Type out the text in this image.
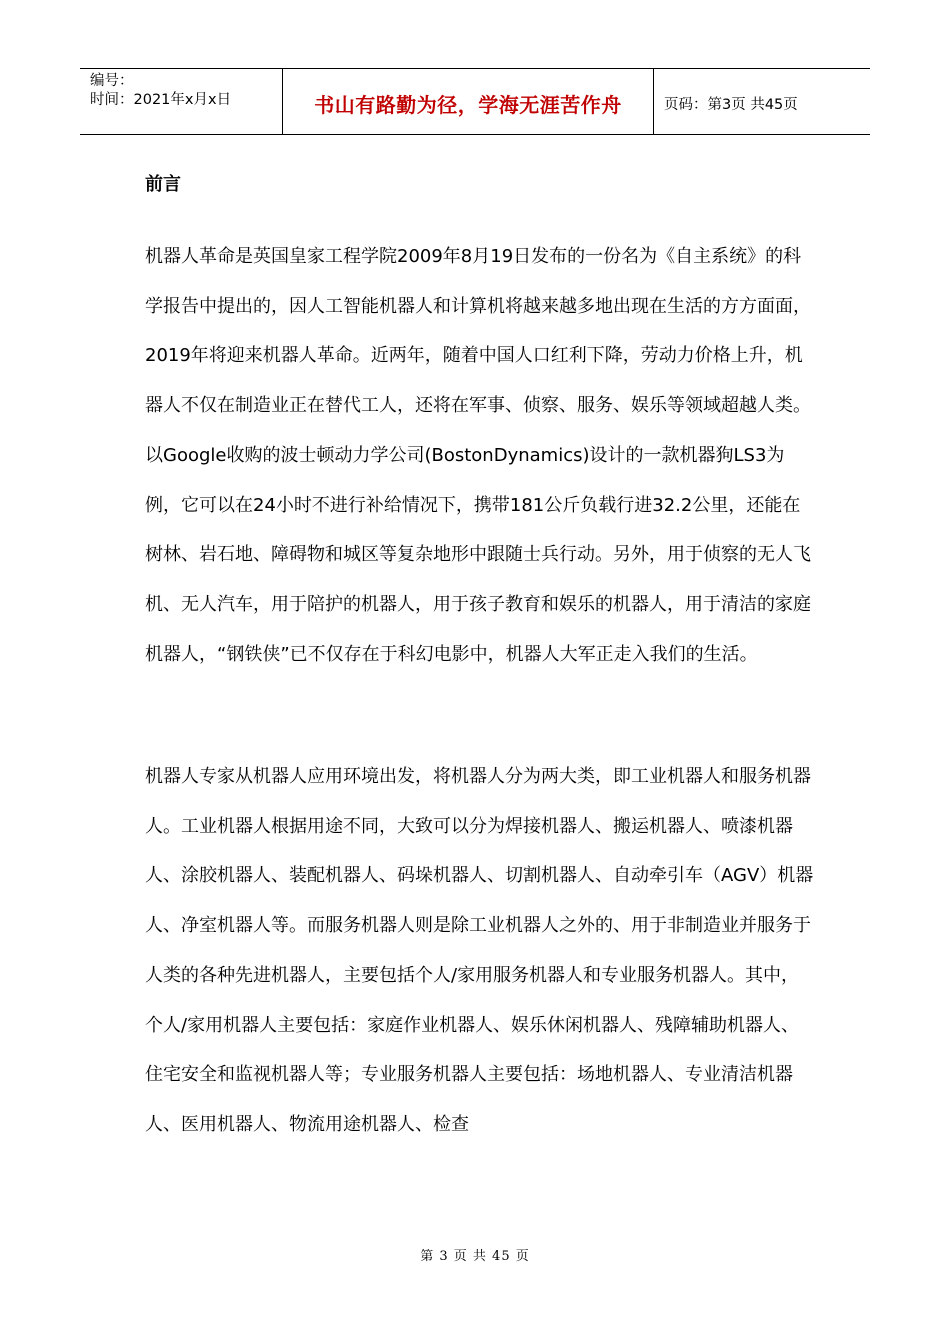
编号：
时间：2021年x月x日	书山有路勤为径，学海无涯苦作舟	页码：第3页 共45页
前言

机器人革命是英国皇家工程学院2009年8月19日发布的一份名为《自主系统》的科学报告中提出的，因人工智能机器人和计算机将越来越多地出现在生活的方方面面，2019年将迎来机器人革命。近两年，随着中国人口红利下降，劳动力价格上升，机器人不仅在制造业正在替代工人，还将在军事、侦察、服务、娱乐等领域超越人类。以Google收购的波士顿动力学公司(BostonDynamics)设计的一款机器狗LS3为例，它可以在24小时不进行补给情况下，携带181公斤负载行进32.2公里，还能在树林、岩石地、障碍物和城区等复杂地形中跟随士兵行动。另外，用于侦察的无人飞机、无人汽车，用于陪护的机器人，用于孩子教育和娱乐的机器人，用于清洁的家庭机器人，“钢铁侠”已不仅存在于科幻电影中，机器人大军正走入我们的生活。

机器人专家从机器人应用环境出发，将机器人分为两大类，即工业机器人和服务机器人。工业机器人根据用途不同，大致可以分为焊接机器人、搬运机器人、喷漆机器人、涂胶机器人、装配机器人、码垛机器人、切割机器人、自动牵引车（AGV）机器人、净室机器人等。而服务机器人则是除工业机器人之外的、用于非制造业并服务于人类的各种先进机器人，主要包括个人/家用服务机器人和专业服务机器人。其中，个人/家用机器人主要包括：家庭作业机器人、娱乐休闲机器人、残障辅助机器人、住宅安全和监视机器人等；专业服务机器人主要包括：场地机器人、专业清洁机器人、医用机器人、物流用途机器人、检查

第 3 页 共 45 页
